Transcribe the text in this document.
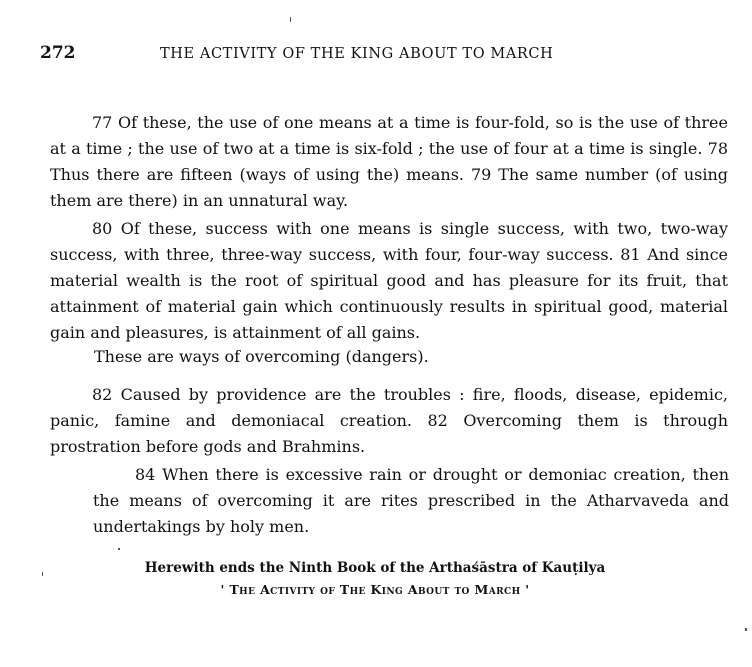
272	THE ACTIVITY OF THE KING ABOUT TO MARCH

77 Of these, the use of one means at a time is four-fold, so is the use of three at a time ; the use of two at a time is six-fold ; the use of four at a time is single. 78 Thus there are fifteen (ways of using the) means. 79 The same number (of using them are there) in an unnatural way.

80 Of these, success with one means is single success, with two, two-way success, with three, three-way success, with four, four-way success. 81 And since material wealth is the root of spiritual good and has pleasure for its fruit, that attainment of material gain which continuously results in spiritual good, material gain and pleasures, is attainment of all gains.

These are ways of overcoming (dangers).

82 Caused by providence are the troubles : fire, floods, disease, epidemic, panic, famine and demoniacal creation. 82 Overcoming them is through prostration before gods and Brahmins.

84 When there is excessive rain or drought or demoniac creation, then the means of overcoming it are rites prescribed in the Atharvaveda and undertakings by holy men.

Herewith ends the Ninth Book of the Arthaśāstra of Kauṭilya
' The Activity of The King About to March '
